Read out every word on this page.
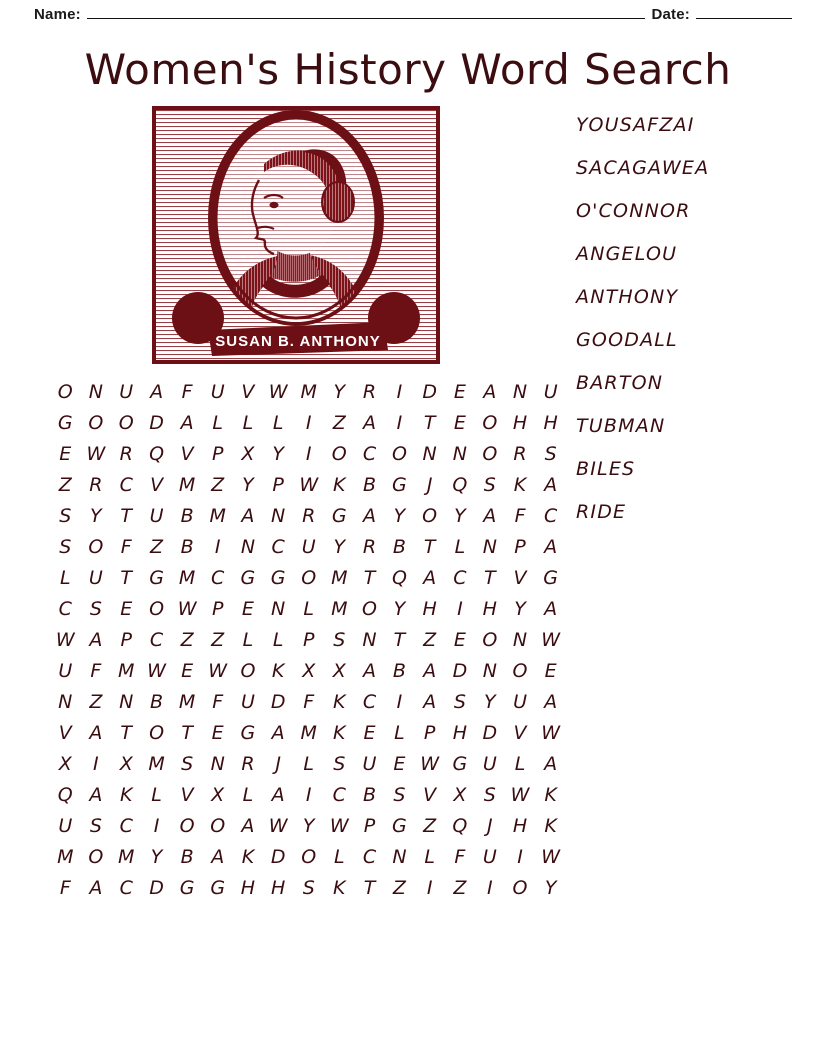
Name:	Date:
Women's History Word Search
SUSAN B. ANTHONY
O	N	U	A	F	U	V	W	M	Y	R	I	D	E	A	N	U
G	O	O	D	A	L	L	L	I	Z	A	I	T	E	O	H	H
E	W	R	Q	V	P	X	Y	I	O	C	O	N	N	O	R	S
Z	R	C	V	M	Z	Y	P	W	K	B	G	J	Q	S	K	A
S	Y	T	U	B	M	A	N	R	G	A	Y	O	Y	A	F	C
S	O	F	Z	B	I	N	C	U	Y	R	B	T	L	N	P	A
L	U	T	G	M	C	G	G	O	M	T	Q	A	C	T	V	G
C	S	E	O	W	P	E	N	L	M	O	Y	H	I	H	Y	A
W	A	P	C	Z	Z	L	L	P	S	N	T	Z	E	O	N	W
U	F	M	W	E	W	O	K	X	X	A	B	A	D	N	O	E
N	Z	N	B	M	F	U	D	F	K	C	I	A	S	Y	U	A
V	A	T	O	T	E	G	A	M	K	E	L	P	H	D	V	W
X	I	X	M	S	N	R	J	L	S	U	E	W	G	U	L	A
Q	A	K	L	V	X	L	A	I	C	B	S	V	X	S	W	K
U	S	C	I	O	O	A	W	Y	W	P	G	Z	Q	J	H	K
M	O	M	Y	B	A	K	D	O	L	C	N	L	F	U	I	W
F	A	C	D	G	G	H	H	S	K	T	Z	I	Z	I	O	Y
YOUSAFZAI
SACAGAWEA
O'CONNOR
ANGELOU
ANTHONY
GOODALL
BARTON
TUBMAN
BILES
RIDE
